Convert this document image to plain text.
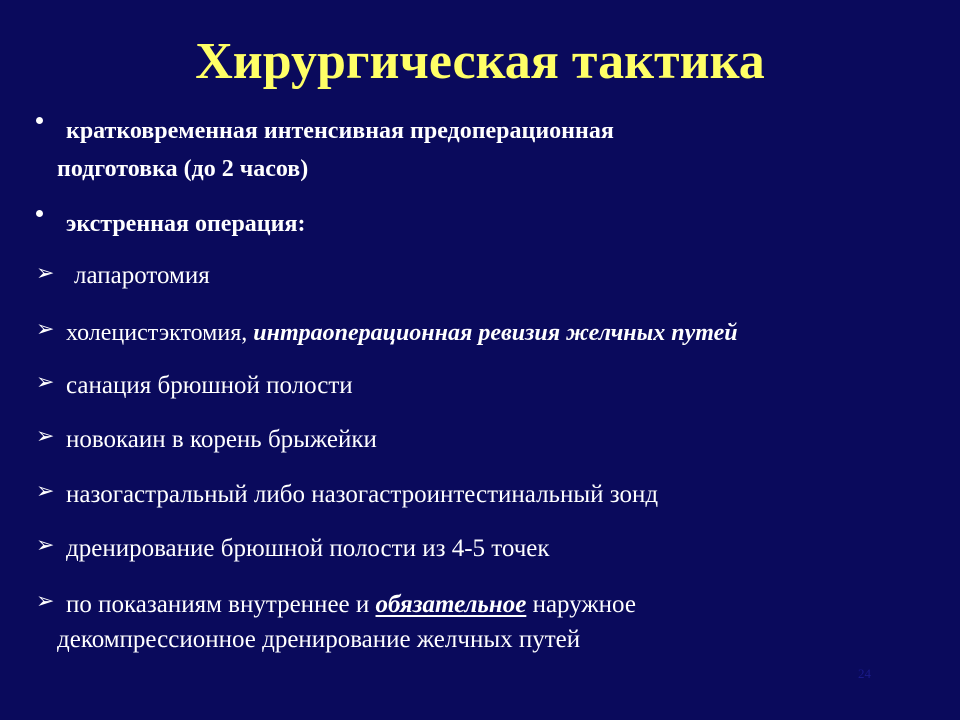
Хирургическая тактика
кратковременная интенсивная предоперационная
подготовка (до 2 часов)
экстренная операция:
➢ лапаротомия
➢ холецистэктомия, интраоперационная ревизия желчных путей
➢ санация брюшной полости
➢ новокаин в корень брыжейки
➢ назогастральный либо назогастроинтестинальный зонд
➢ дренирование брюшной полости из 4-5 точек
➢ по показаниям внутреннее и обязательное наружное
декомпрессионное дренирование желчных путей
24
